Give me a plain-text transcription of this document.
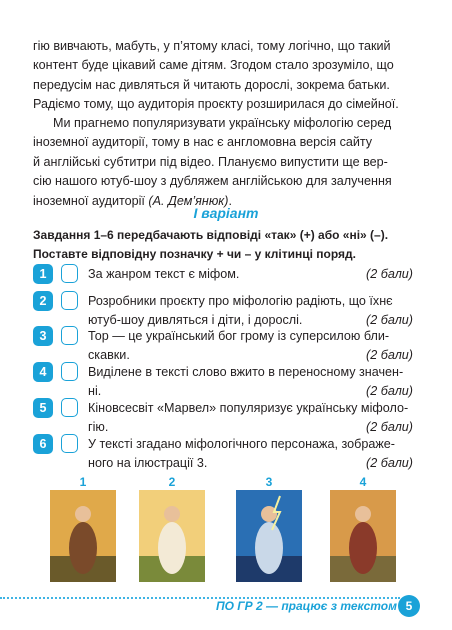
гію вивчають, мабуть, у п’ятому класі, тому логічно, що такий
контент буде цікавий саме дітям. Згодом стало зрозуміло, що
передусім нас дивляться й читають дорослі, зокрема батьки.
Радіємо тому, що аудиторія проєкту розширилася до сімейної.
Ми прагнемо популяризувати українську міфологію серед
іноземної аудиторії, тому в нас є англомовна версія сайту
й англійські субтитри під відео. Плануємо випустити ще вер-
сію нашого ютуб-шоу з дубляжем англійською для залучення
іноземної аудиторії (А. Дем’янюк).
І варіант
Завдання 1–6 передбачають відповіді «так» (+) або «ні» (–).
Поставте відповідну позначку + чи – у клітинці поряд.
1	За жанром текст є міфом.	(2 бали)
2	Розробники проєкту про міфологію радіють, що їхнє
ютуб-шоу дивляться і діти, і дорослі.	(2 бали)
3	Тор — це український бог грому із суперсилою бли-
скавки.	(2 бали)
4	Виділене в тексті слово вжито в переносному значен-
ні.	(2 бали)
5	Кіновсесвіт «Марвел» популяризує українську міфоло-
гію.	(2 бали)
6	У тексті згадано міфологічного персонажа, зображе-
ного на ілюстрації 3.	(2 бали)
1	2	3	4
ПО ГР 2 — працює з текстом 5
